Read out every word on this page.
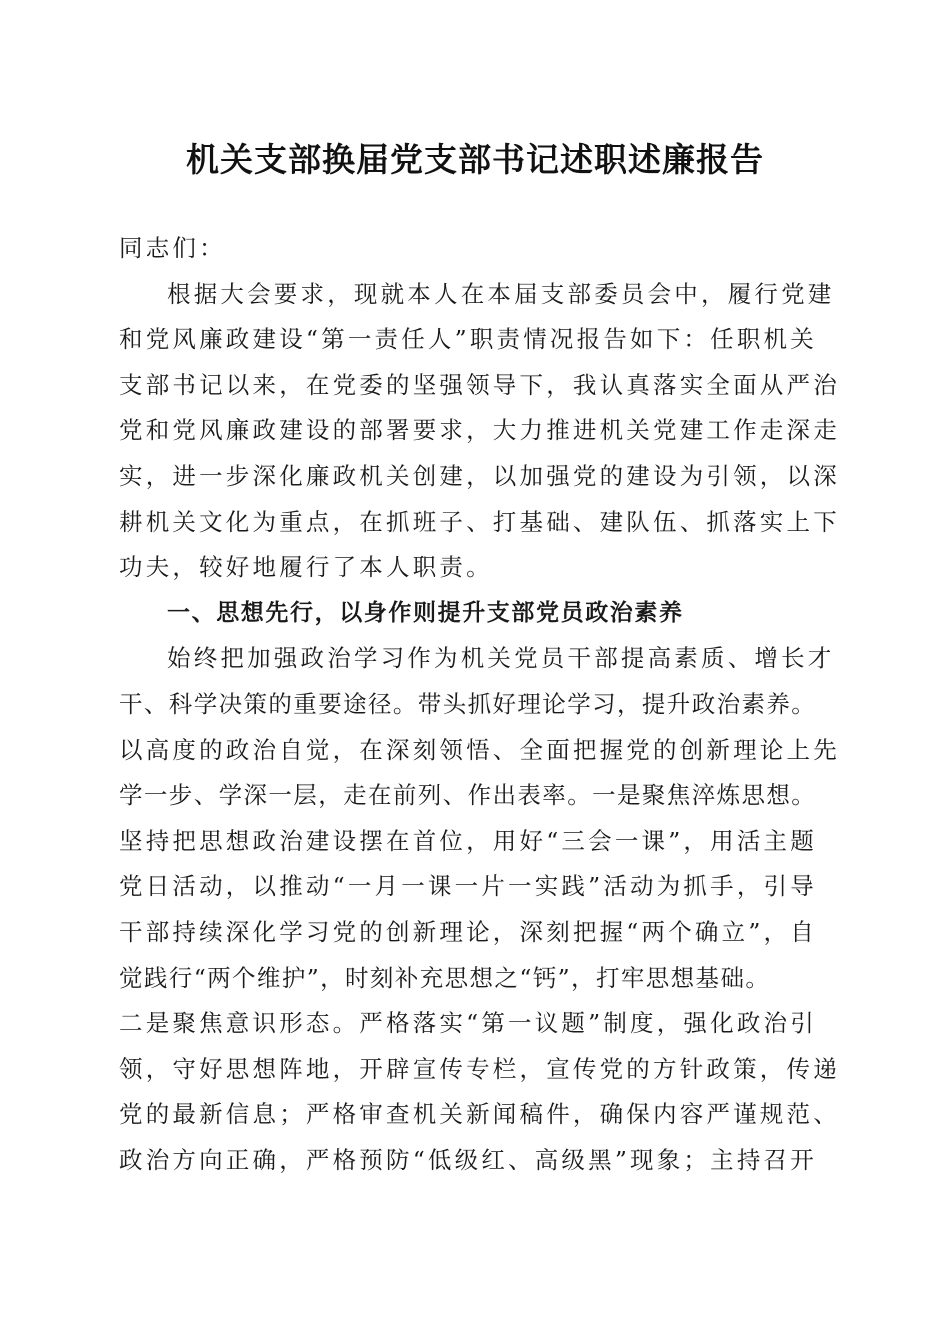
机关支部换届党支部书记述职述廉报告
同志们：
根据大会要求，现就本人在本届支部委员会中，履行党建
和党风廉政建设“第一责任人”职责情况报告如下：任职机关
支部书记以来，在党委的坚强领导下，我认真落实全面从严治
党和党风廉政建设的部署要求，大力推进机关党建工作走深走
实，进一步深化廉政机关创建，以加强党的建设为引领，以深
耕机关文化为重点，在抓班子、打基础、建队伍、抓落实上下
功夫，较好地履行了本人职责。
一、思想先行，以身作则提升支部党员政治素养
始终把加强政治学习作为机关党员干部提高素质、增长才
干、科学决策的重要途径。带头抓好理论学习，提升政治素养。
以高度的政治自觉，在深刻领悟、全面把握党的创新理论上先
学一步、学深一层，走在前列、作出表率。一是聚焦淬炼思想。
坚持把思想政治建设摆在首位，用好“三会一课”，用活主题
党日活动，以推动“一月一课一片一实践”活动为抓手，引导
干部持续深化学习党的创新理论，深刻把握“两个确立”，自
觉践行“两个维护”，时刻补充思想之“钙”，打牢思想基础。
二是聚焦意识形态。严格落实“第一议题”制度，强化政治引
领，守好思想阵地，开辟宣传专栏，宣传党的方针政策，传递
党的最新信息；严格审查机关新闻稿件，确保内容严谨规范、
政治方向正确，严格预防“低级红、高级黑”现象；主持召开
